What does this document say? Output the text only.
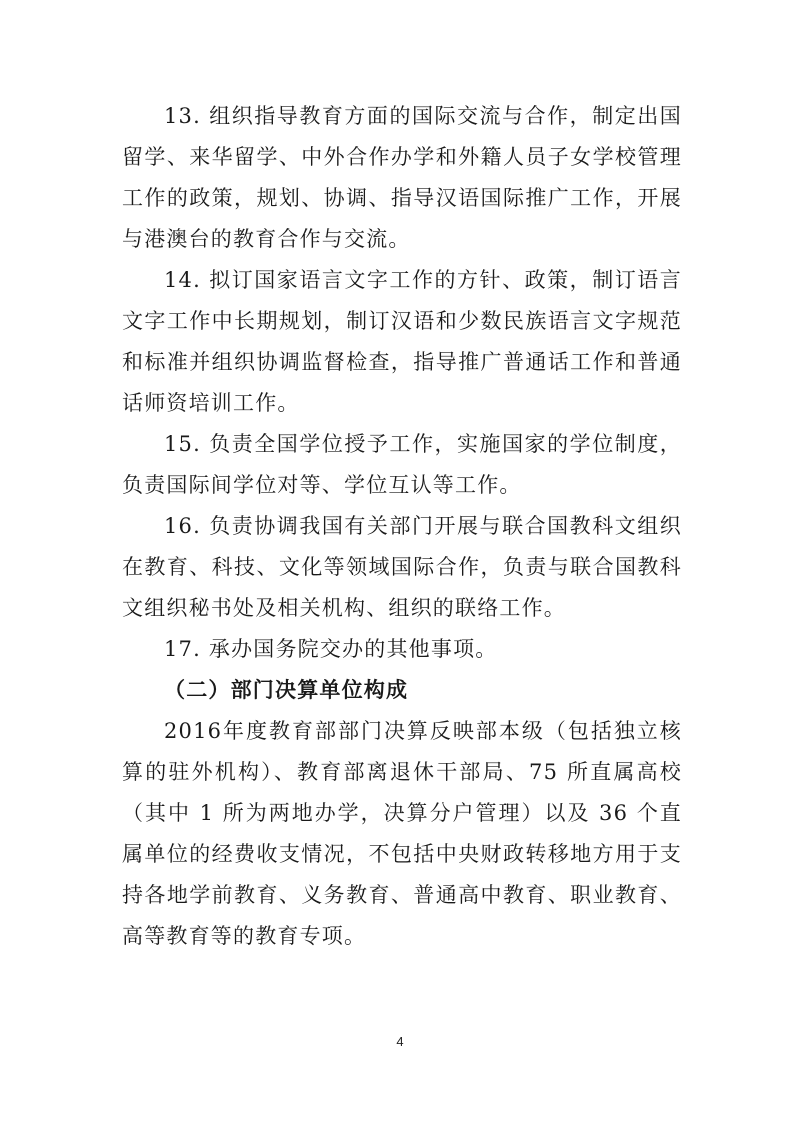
13. 组织指导教育方面的国际交流与合作，制定出国留学、来华留学、中外合作办学和外籍人员子女学校管理工作的政策，规划、协调、指导汉语国际推广工作，开展与港澳台的教育合作与交流。

14. 拟订国家语言文字工作的方针、政策，制订语言文字工作中长期规划，制订汉语和少数民族语言文字规范和标准并组织协调监督检查，指导推广普通话工作和普通话师资培训工作。

15. 负责全国学位授予工作，实施国家的学位制度，负责国际间学位对等、学位互认等工作。

16. 负责协调我国有关部门开展与联合国教科文组织在教育、科技、文化等领域国际合作，负责与联合国教科文组织秘书处及相关机构、组织的联络工作。

17. 承办国务院交办的其他事项。

（二）部门决算单位构成

2016年度教育部部门决算反映部本级（包括独立核算的驻外机构）、教育部离退休干部局、75 所直属高校（其中 1 所为两地办学，决算分户管理）以及 36 个直属单位的经费收支情况，不包括中央财政转移地方用于支持各地学前教育、义务教育、普通高中教育、职业教育、高等教育等的教育专项。

4
